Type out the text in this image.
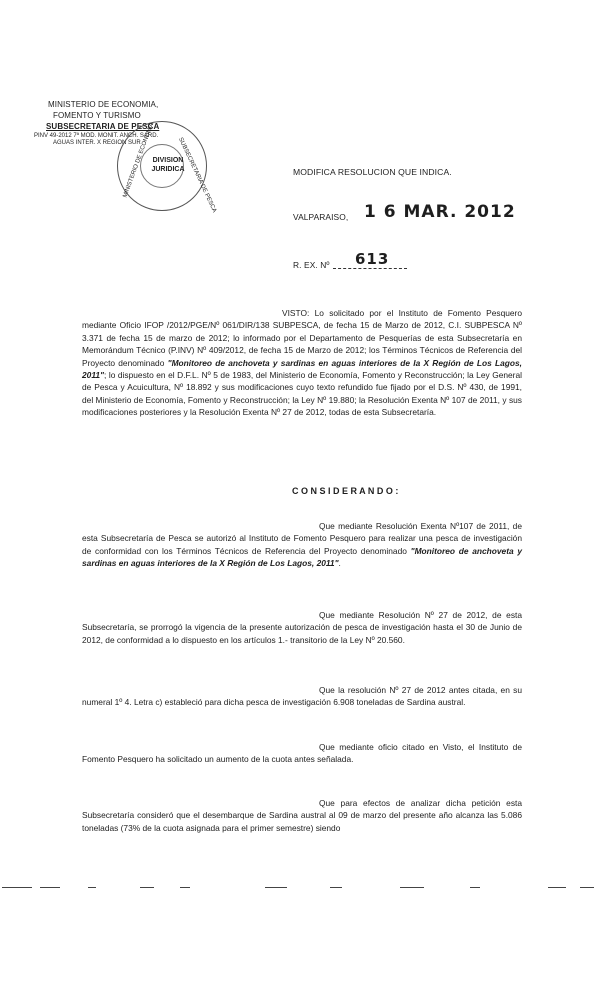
MINISTERIO DE ECONOMIA,
FOMENTO Y TURISMO
SUBSECRETARIA DE PESCA
PINV 49-2012 7ª MOD. MONIT. ANCH. SARD.
AGUAS INTER. X REGION SUR
DIVISION
JURIDICA
MINISTERIO DE ECONOMIA	SUBSECRETARIA DE PESCA	MODIFICA RESOLUCION QUE INDICA.
VALPARAISO, 1 6 MAR. 2012
R. EX. Nº 613
VISTO: Lo solicitado por el Instituto de Fomento Pesquero mediante Oficio IFOP /2012/PGE/Nº 061/DIR/138 SUBPESCA, de fecha 15 de Marzo de 2012, C.I. SUBPESCA Nº 3.371 de fecha 15 de marzo de 2012; lo informado por el Departamento de Pesquerías de esta Subsecretaría en Memorándum Técnico (P.INV) Nº 409/2012, de fecha 15 de Marzo de 2012; los Términos Técnicos de Referencia del Proyecto denominado "Monitoreo de anchoveta y sardinas en aguas interiores de la X Región de Los Lagos, 2011"; lo dispuesto en el D.F.L. Nº 5 de 1983, del Ministerio de Economía, Fomento y Reconstrucción; la Ley General de Pesca y Acuicultura, Nº 18.892 y sus modificaciones cuyo texto refundido fue fijado por el D.S. Nº 430, de 1991, del Ministerio de Economía, Fomento y Reconstrucción; la Ley Nº 19.880; la Resolución Exenta Nº 107 de 2011, y sus modificaciones posteriores y la Resolución Exenta Nº 27 de 2012, todas de esta Subsecretaría.
C O N S I D E R A N D O :
Que mediante Resolución Exenta Nº107 de 2011, de esta Subsecretaría de Pesca se autorizó al Instituto de Fomento Pesquero para realizar una pesca de investigación de conformidad con los Términos Técnicos de Referencia del Proyecto denominado "Monitoreo de anchoveta y sardinas en aguas interiores de la X Región de Los Lagos, 2011".
Que mediante Resolución Nº 27 de 2012, de esta Subsecretaría, se prorrogó la vigencia de la presente autorización de pesca de investigación hasta el 30 de Junio de 2012, de conformidad a lo dispuesto en los artículos 1.- transitorio de la Ley Nº 20.560.
Que la resolución Nº 27 de 2012 antes citada, en su numeral 1º 4. Letra c) estableció para dicha pesca de investigación 6.908 toneladas de Sardina austral.
Que mediante oficio citado en Visto, el Instituto de Fomento Pesquero ha solicitado un aumento de la cuota antes señalada.
Que para efectos de analizar dicha petición esta Subsecretaría consideró que el desembarque de Sardina austral al 09 de marzo del presente año alcanza las 5.086 toneladas (73% de la cuota asignada para el primer semestre) siendo
